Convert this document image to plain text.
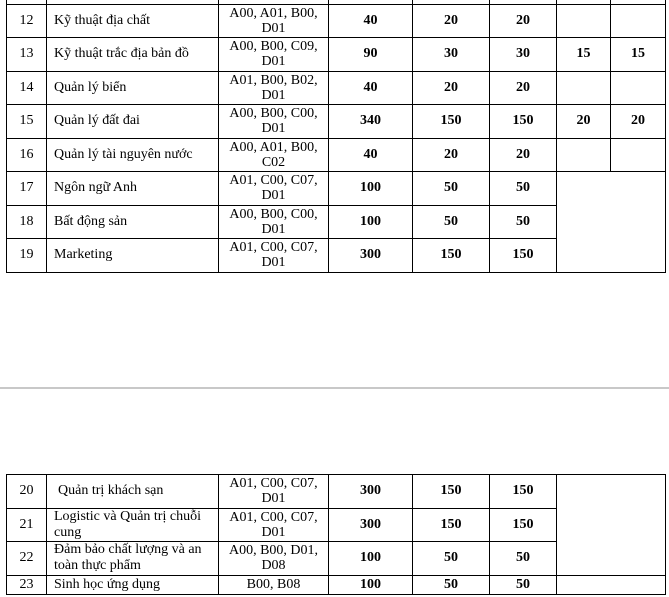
12	Kỹ thuật địa chất	A00, A01, B00,
D01	40	20	20		
13	Kỹ thuật trắc địa bản đồ	A00, B00, C09,
D01	90	30	30	15	15
14	Quản lý biển	A01, B00, B02,
D01	40	20	20		
15	Quản lý đất đai	A00, B00, C00,
D01	340	150	150	20	20
16	Quản lý tài nguyên nước	A00, A01, B00,
C02	40	20	20		
17	Ngôn ngữ Anh	A01, C00, C07,
D01	100	50	50		
18	Bất động sản	A00, B00, C00,
D01	100	50	50		
19	Marketing	A01, C00, C07,
D01	300	150	150		
20	Quản trị khách sạn	A01, C00, C07,
D01	300	150	150	
21	Logistic và Quản trị chuỗi
cung	A01, C00, C07,
D01	300	150	150	
22	Đảm bảo chất lượng và an
toàn thực phẩm	A00, B00, D01,
D08	100	50	50	
23	Sinh học ứng dụng	B00, B08	100	50	50	
